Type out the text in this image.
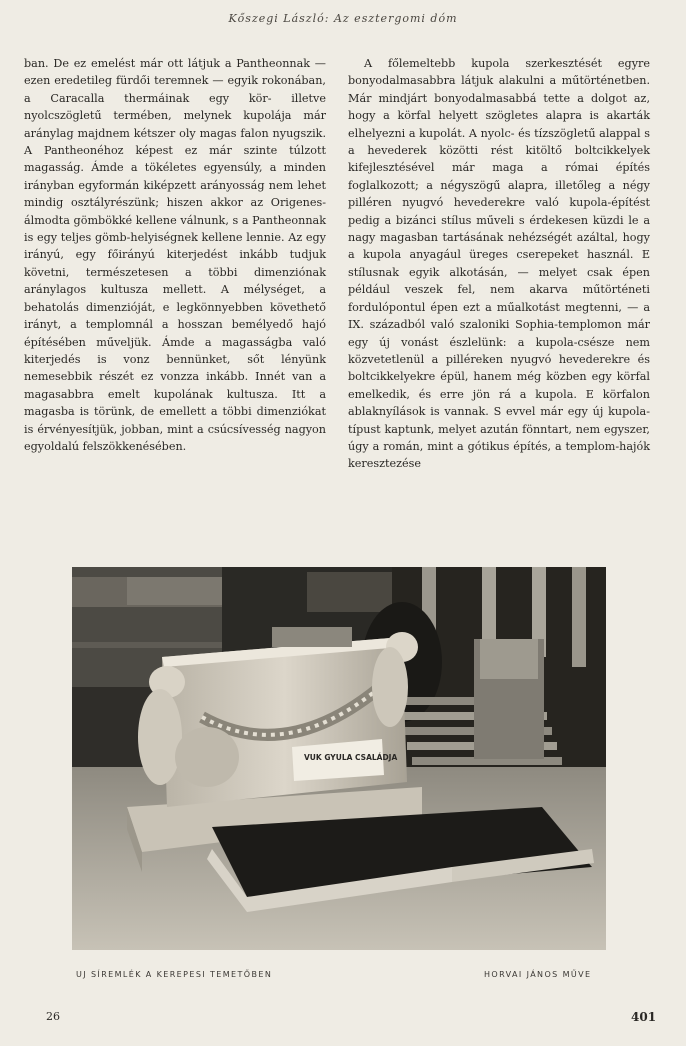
Kőszegi László: Az esztergomi dóm

ban. De ez emelést már ott látjuk a Pantheonnak — ezen eredetileg fürdői teremnek — egyik rokonában, a Caracalla thermáinak egy kör- illetve nyolcszögletű termében, melynek kupolája már aránylag majdnem kétszer oly magas falon nyugszik. A Pantheonéhoz képest ez már szinte túlzott magasság. Ámde a tökéletes egyensúly, a minden irányban egyformán kiképzett arányosság nem lehet mindig osztályrészünk; hiszen akkor az Origenes-álmodta gömbökké kellene válnunk, s a Pantheonnak is egy teljes gömb-helyiségnek kellene lennie. Az egy irányú, egy főirányú kiterjedést inkább tudjuk követni, természetesen a többi dimenziónak aránylagos kultusza mellett. A mélységet, a behatolás dimenzióját, e legkönnyebben követhető irányt, a templomnál a hosszan bemélyedő hajó építésében műveljük. Ámde a magasságba való kiterjedés is vonz bennünket, sőt lényünk nemesebbik részét ez vonzza inkább. Innét van a magasabbra emelt kupolának kultusza. Itt a magasba is törünk, de emellett a többi dimenziókat is érvényesítjük, jobban, mint a csúcsívesség nagyon egyoldalú felszökkenésében.

A főlemeltebb kupola szerkesztését egyre bonyodalmasabbra látjuk alakulni a műtörténetben. Már mindjárt bonyodalmasabbá tette a dolgot az, hogy a körfal helyett szögletes alapra is akarták elhelyezni a kupolát. A nyolc- és tízszögletű alappal s a hevederek közötti rést kitöltő boltcikkelyek kifejlesztésével már maga a római építés foglalkozott; a négyszögű alapra, illetőleg a négy pilléren nyugvó hevederekre való kupola-építést pedig a bizánci stílus műveli s érdekesen küzdi le a nagy magasban tartásának nehézségét azáltal, hogy a kupola anyagául üreges cserepeket használ. E stílusnak egyik alkotásán, — melyet csak épen például veszek fel, nem akarva műtörténeti fordulópontul épen ezt a műalkotást megtenni, — a IX. századból való szaloniki Sophia-templomon már egy új vonást észlelünk: a kupola-csésze nem közvetetlenül a pilléreken nyugvó hevederekre és boltcikkelyekre épül, hanem még közben egy körfal emelkedik, és erre jön rá a kupola. E körfalon ablaknyílások is vannak. S evvel már egy új kupola-típust kaptunk, melyet azután fönntart, nem egyszer, úgy a román, mint a gótikus építés, a templom-hajók keresztezése

VUK GYULA CSALÁDJA
UJ SÍREMLÉK A KEREPESI TEMETŐBEN	HORVAI JÁNOS MŰVE
26	401
